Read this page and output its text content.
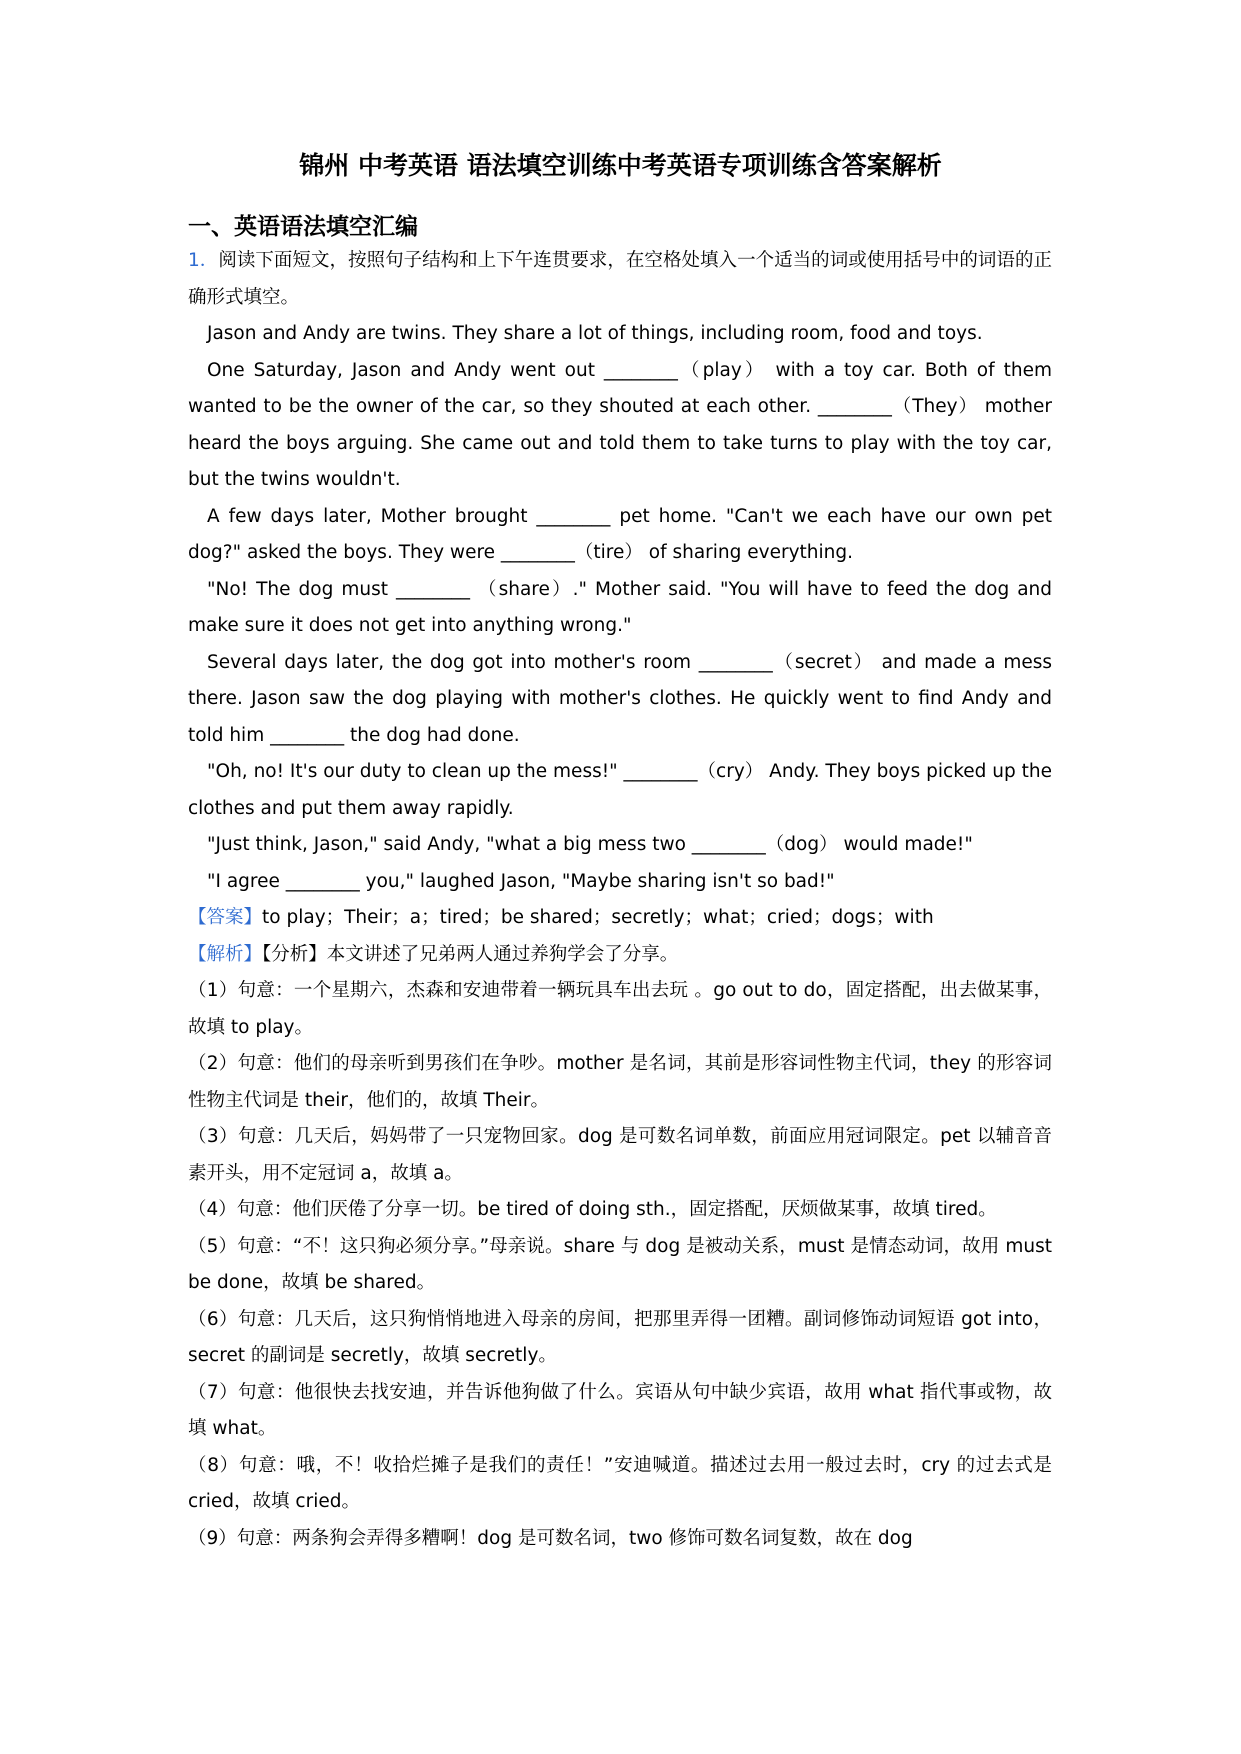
锦州 中考英语 语法填空训练中考英语专项训练含答案解析
一、英语语法填空汇编

1．阅读下面短文，按照句子结构和上下午连贯要求，在空格处填入一个适当的词或使用括号中的词语的正确形式填空。

Jason and Andy are twins. They share a lot of things, including room, food and toys.

One Saturday, Jason and Andy went out ________（play） with a toy car. Both of them wanted to be the owner of the car, so they shouted at each other. ________（They） mother heard the boys arguing. She came out and told them to take turns to play with the toy car, but the twins wouldn't.

A few days later, Mother brought ________ pet home. "Can't we each have our own pet dog?" asked the boys. They were ________（tire） of sharing everything.

"No! The dog must ________ （share）." Mother said. "You will have to feed the dog and make sure it does not get into anything wrong."

Several days later, the dog got into mother's room ________（secret） and made a mess there. Jason saw the dog playing with mother's clothes. He quickly went to find Andy and told him ________ the dog had done.

"Oh, no! It's our duty to clean up the mess!" ________（cry） Andy. They boys picked up the clothes and put them away rapidly.

"Just think, Jason," said Andy, "what a big mess two ________（dog） would made!"

"I agree ________ you," laughed Jason, "Maybe sharing isn't so bad!"

【答案】to play；Their；a；tired；be shared；secretly；what；cried；dogs；with

【解析】【分析】本文讲述了兄弟两人通过养狗学会了分享。

（1）句意：一个星期六，杰森和安迪带着一辆玩具车出去玩 。go out to do，固定搭配，出去做某事，故填 to play。

（2）句意：他们的母亲听到男孩们在争吵。mother 是名词，其前是形容词性物主代词，they 的形容词性物主代词是 their，他们的，故填 Their。

（3）句意：几天后，妈妈带了一只宠物回家。dog 是可数名词单数，前面应用冠词限定。pet 以辅音音素开头，用不定冠词 a，故填 a。

（4）句意：他们厌倦了分享一切。be tired of doing sth.，固定搭配，厌烦做某事，故填 tired。

（5）句意：“不！这只狗必须分享。”母亲说。share 与 dog 是被动关系，must 是情态动词，故用 must be done，故填 be shared。

（6）句意：几天后，这只狗悄悄地进入母亲的房间，把那里弄得一团糟。副词修饰动词短语 got into，secret 的副词是 secretly，故填 secretly。

（7）句意：他很快去找安迪，并告诉他狗做了什么。宾语从句中缺少宾语，故用 what 指代事或物，故填 what。

（8）句意：哦，不！收拾烂摊子是我们的责任！”安迪喊道。描述过去用一般过去时，cry 的过去式是 cried，故填 cried。

（9）句意：两条狗会弄得多糟啊！dog 是可数名词，two 修饰可数名词复数，故在 dog
